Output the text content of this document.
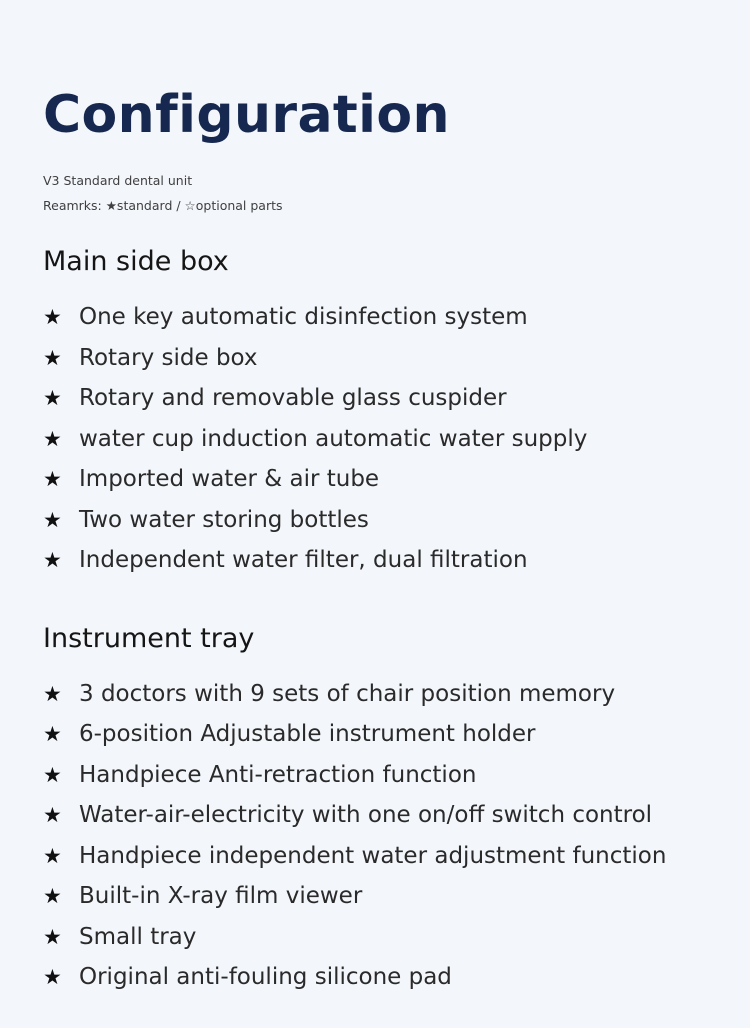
Configuration
V3 Standard dental unit
Reamrks: ★standard / ☆optional parts
Main side box
★ One key automatic disinfection system
★ Rotary side box
★ Rotary and removable glass cuspider
★ water cup induction automatic water supply
★ Imported water & air tube
★ Two water storing bottles
★ Independent water filter, dual filtration
Instrument tray
★ 3 doctors with 9 sets of chair position memory
★ 6-position Adjustable instrument holder
★ Handpiece Anti-retraction function
★ Water-air-electricity with one on/off switch control
★ Handpiece independent water adjustment function
★ Built-in X-ray film viewer
★ Small tray
★ Original anti-fouling silicone pad
